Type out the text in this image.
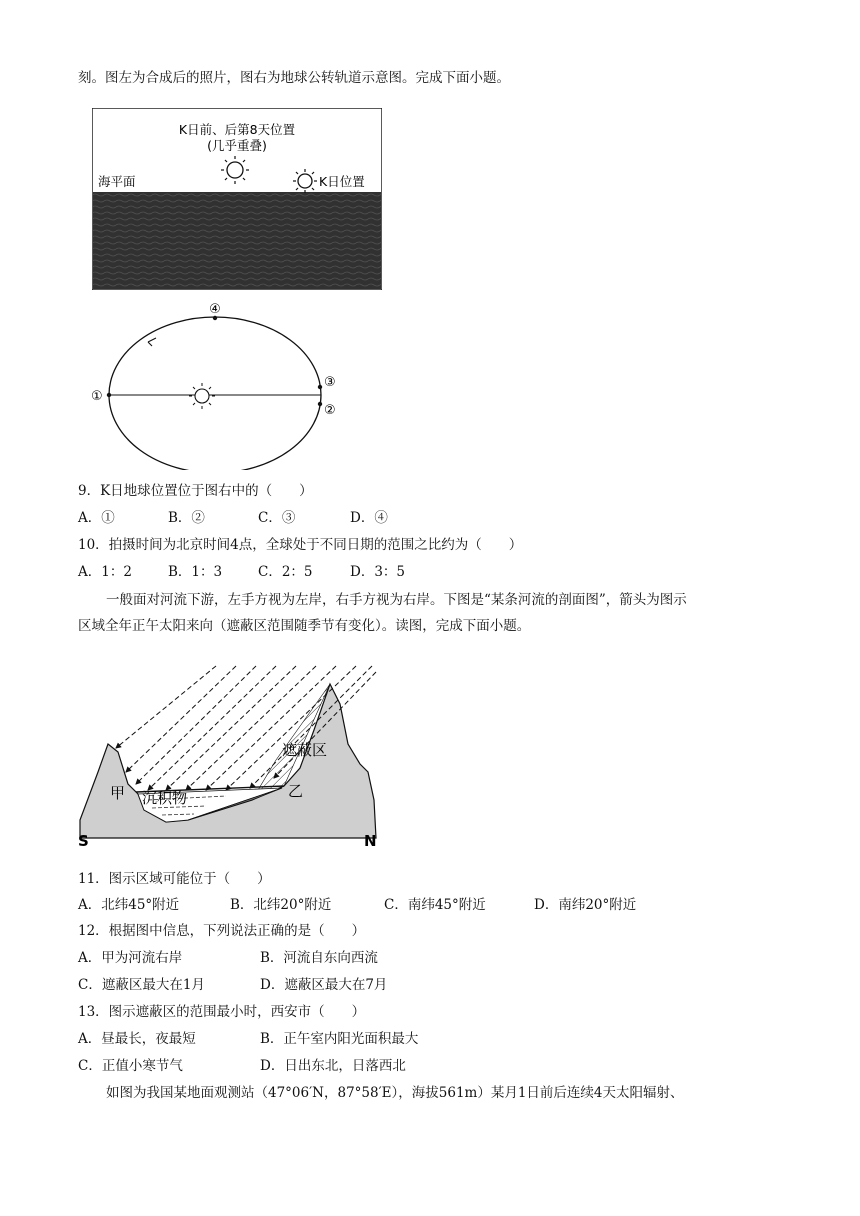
刻。图左为合成后的照片，图右为地球公转轨道示意图。完成下面小题。
K日前、后第8天位置
(几乎重叠)
海平面	K日位置
④
①
③
②
9．K日地球位置位于图右中的（　　）
A．①	B．②	C．③	D．④
10．拍摄时间为北京时间4点，全球处于不同日期的范围之比约为（　　）
A．1：2	B．1：3	C．2：5	D．3：5
一般面对河流下游，左手方视为左岸，右手方视为右岸。下图是“某条河流的剖面图”，箭头为图示
区域全年正午太阳来向（遮蔽区范围随季节有变化）。读图，完成下面小题。
遮蔽区
甲 沉积物	乙
S	N
11．图示区域可能位于（　　）
A．北纬45°附近	B．北纬20°附近	C．南纬45°附近	D．南纬20°附近
12．根据图中信息，下列说法正确的是（　　）
A．甲为河流右岸	B．河流自东向西流
C．遮蔽区最大在1月	D．遮蔽区最大在7月
13．图示遮蔽区的范围最小时，西安市（　　）
A．昼最长，夜最短	B．正午室内阳光面积最大
C．正值小寒节气	D．日出东北，日落西北
如图为我国某地面观测站（47°06′N，87°58′E），海拔561m）某月1日前后连续4天太阳辐射、
